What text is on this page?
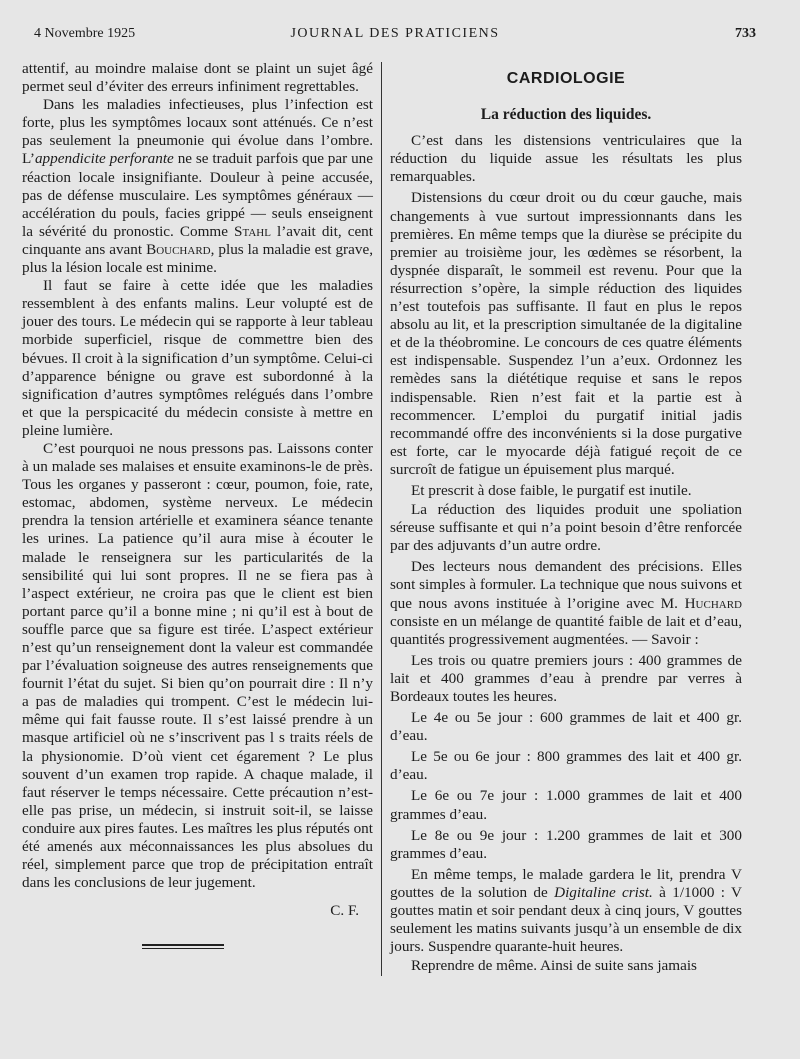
4 Novembre 1925	JOURNAL DES PRATICIENS	733

attentif, au moindre malaise dont se plaint un sujet âgé permet seul d’éviter des erreurs infiniment regrettables.

Dans les maladies infectieuses, plus l’infection est forte, plus les symptômes locaux sont atténués. Ce n’est pas seulement la pneumonie qui évolue dans l’ombre. L’appendicite perforante ne se traduit parfois que par une réaction locale insignifiante. Douleur à peine accusée, pas de défense musculaire. Les symptômes généraux — accélération du pouls, facies grippé — seuls enseignent la sévérité du pronostic. Comme Stahl l’avait dit, cent cinquante ans avant Bouchard, plus la maladie est grave, plus la lésion locale est minime.

Il faut se faire à cette idée que les maladies ressemblent à des enfants malins. Leur volupté est de jouer des tours. Le médecin qui se rapporte à leur tableau morbide superficiel, risque de commettre bien des bévues. Il croit à la signification d’un symptôme. Celui-ci d’apparence bénigne ou grave est subordonné à la signification d’autres symptômes relégués dans l’ombre et que la perspicacité du médecin consiste à mettre en pleine lumière.

C’est pourquoi ne nous pressons pas. Laissons conter à un malade ses malaises et ensuite examinons-le de près. Tous les organes y passeront : cœur, poumon, foie, rate, estomac, abdomen, système nerveux. Le médecin prendra la tension artérielle et examinera séance tenante les urines. La patience qu’il aura mise à écouter le malade le renseignera sur les particularités de la sensibilité qui lui sont propres. Il ne se fiera pas à l’aspect extérieur, ne croira pas que le client est bien portant parce qu’il a bonne mine ; ni qu’il est à bout de souffle parce que sa figure est tirée. L’aspect extérieur n’est qu’un renseignement dont la valeur est commandée par l’évaluation soigneuse des autres renseignements que fournit l’état du sujet. Si bien qu’on pourrait dire : Il n’y a pas de maladies qui trompent. C’est le médecin lui-même qui fait fausse route. Il s’est laissé prendre à un masque artificiel où ne s’inscrivent pas l s traits réels de la physionomie. D’où vient cet égarement ? Le plus souvent d’un examen trop rapide. A chaque malade, il faut réserver le temps nécessaire. Cette précaution n’est-elle pas prise, un médecin, si instruit soit-il, se laisse conduire aux pires fautes. Les maîtres les plus réputés ont été amenés aux méconnaissances les plus absolues du réel, simplement parce que trop de précipitation entraît dans les conclusions de leur jugement.

C. F.
CARDIOLOGIE
La réduction des liquides.

C’est dans les distensions ventriculaires que la réduction du liquide assue les résultats les plus remarquables.

Distensions du cœur droit ou du cœur gauche, mais changements à vue surtout impressionnants dans les premières. En même temps que la diurèse se précipite du premier au troisième jour, les œdèmes se résorbent, la dyspnée disparaît, le sommeil est revenu. Pour que la résurrection s’opère, la simple réduction des liquides n’est toutefois pas suffisante. Il faut en plus le repos absolu au lit, et la prescription simultanée de la digitaline et de la théobromine. Le concours de ces quatre éléments est indispensable. Suspendez l’un a’eux. Ordonnez les remèdes sans la diététique requise et sans le repos indispensable. Rien n’est fait et la partie est à recommencer. L’emploi du purgatif initial jadis recommandé offre des inconvénients si la dose purgative est forte, car le myocarde déjà fatigué reçoit de ce surcroît de fatigue un épuisement plus marqué.

Et prescrit à dose faible, le purgatif est inutile.

La réduction des liquides produit une spoliation séreuse suffisante et qui n’a point besoin d’être renforcée par des adjuvants d’un autre ordre.

Des lecteurs nous demandent des précisions. Elles sont simples à formuler. La technique que nous suivons et que nous avons instituée à l’origine avec M. Huchard consiste en un mélange de quantité faible de lait et d’eau, quantités progressivement augmentées. — Savoir :

Les trois ou quatre premiers jours : 400 grammes de lait et 400 grammes d’eau à prendre par verres à Bordeaux toutes les heures.

Le 4e ou 5e jour : 600 grammes de lait et 400 gr. d’eau.

Le 5e ou 6e jour : 800 grammes des lait et 400 gr. d’eau.

Le 6e ou 7e jour : 1.000 grammes de lait et 400 grammes d’eau.

Le 8e ou 9e jour : 1.200 grammes de lait et 300 grammes d’eau.

En même temps, le malade gardera le lit, prendra V gouttes de la solution de Digitaline crist. à 1/1000 : V gouttes matin et soir pendant deux à cinq jours, V gouttes seulement les matins suivants jusqu’à un ensemble de dix jours. Suspendre quarante-huit heures.

Reprendre de même. Ainsi de suite sans jamais
